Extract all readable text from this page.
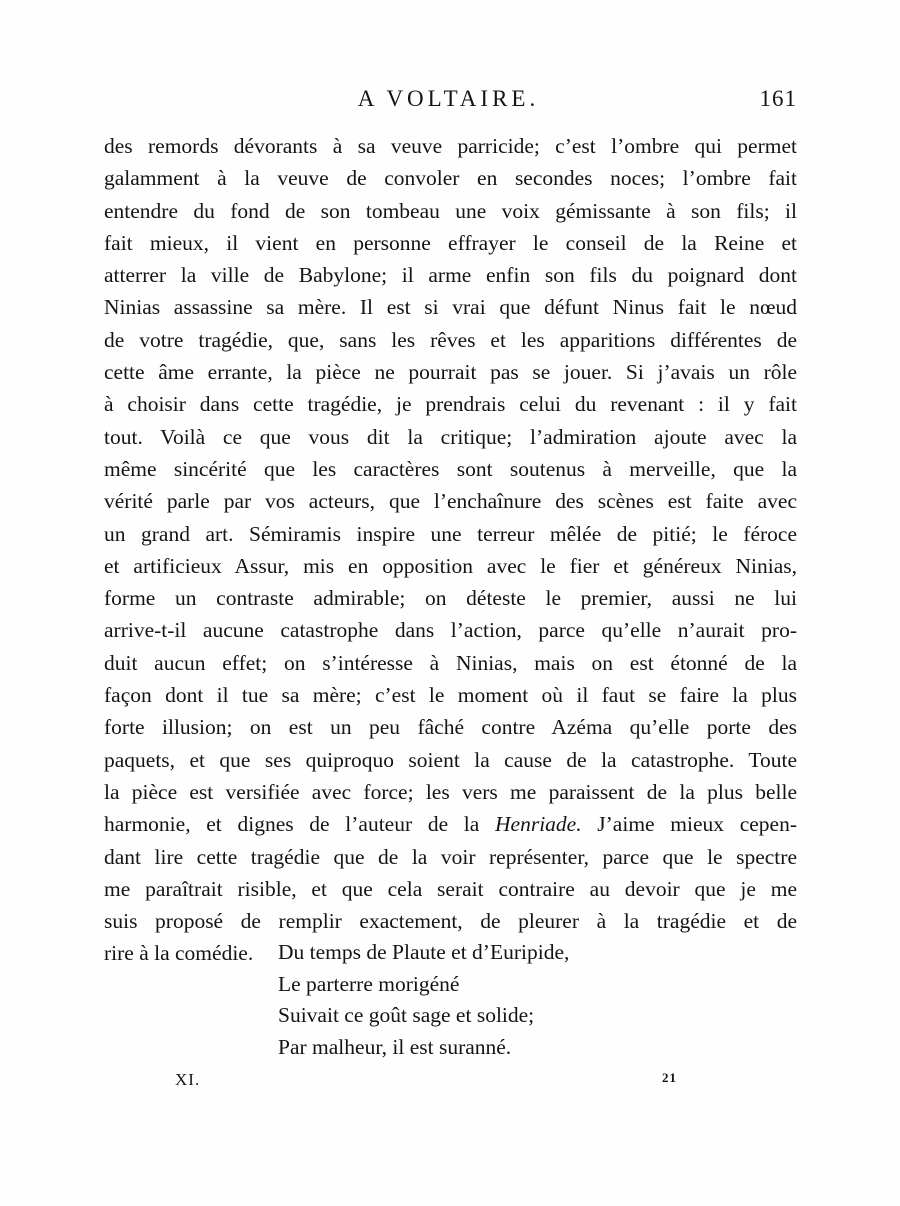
A VOLTAIRE.	161
des remords dévorants à sa veuve parricide; c’est l’ombre qui permet
galamment à la veuve de convoler en secondes noces; l’ombre fait
entendre du fond de son tombeau une voix gémissante à son fils; il
fait mieux, il vient en personne effrayer le conseil de la Reine et
atterrer la ville de Babylone; il arme enfin son fils du poignard dont
Ninias assassine sa mère. Il est si vrai que défunt Ninus fait le nœud
de votre tragédie, que, sans les rêves et les apparitions différentes de
cette âme errante, la pièce ne pourrait pas se jouer. Si j’avais un rôle
à choisir dans cette tragédie, je prendrais celui du revenant : il y fait
tout. Voilà ce que vous dit la critique; l’admiration ajoute avec la
même sincérité que les caractères sont soutenus à merveille, que la
vérité parle par vos acteurs, que l’enchaînure des scènes est faite avec
un grand art. Sémiramis inspire une terreur mêlée de pitié; le féroce
et artificieux Assur, mis en opposition avec le fier et généreux Ninias,
forme un contraste admirable; on déteste le premier, aussi ne lui
arrive-t-il aucune catastrophe dans l’action, parce qu’elle n’aurait pro-
duit aucun effet; on s’intéresse à Ninias, mais on est étonné de la
façon dont il tue sa mère; c’est le moment où il faut se faire la plus
forte illusion; on est un peu fâché contre Azéma qu’elle porte des
paquets, et que ses quiproquo soient la cause de la catastrophe. Toute
la pièce est versifiée avec force; les vers me paraissent de la plus belle
harmonie, et dignes de l’auteur de la Henriade. J’aime mieux cepen-
dant lire cette tragédie que de la voir représenter, parce que le spectre
me paraîtrait risible, et que cela serait contraire au devoir que je me
suis proposé de remplir exactement, de pleurer à la tragédie et de
rire à la comédie.	Du temps de Plaute et d’Euripide,
Le parterre morigéné
Suivait ce goût sage et solide;
Par malheur, il est suranné.
XI.	21
